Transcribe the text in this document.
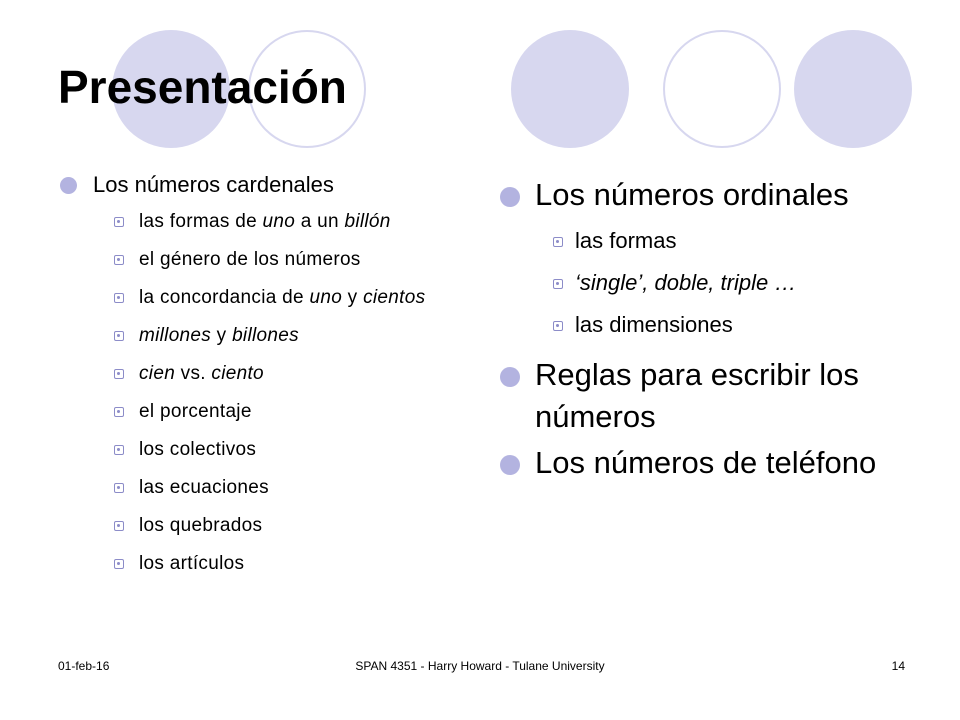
Presentación
Los números cardenales
las formas de uno a un billón
el género de los números
la concordancia de uno y cientos
millones y billones
cien vs. ciento
el porcentaje
los colectivos
las ecuaciones
los quebrados
los artículos
Los números ordinales
las formas
‘single’, doble, triple …
las dimensiones
Reglas para escribir los números
Los números de teléfono
01-feb-16	SPAN 4351 - Harry Howard - Tulane University	14
